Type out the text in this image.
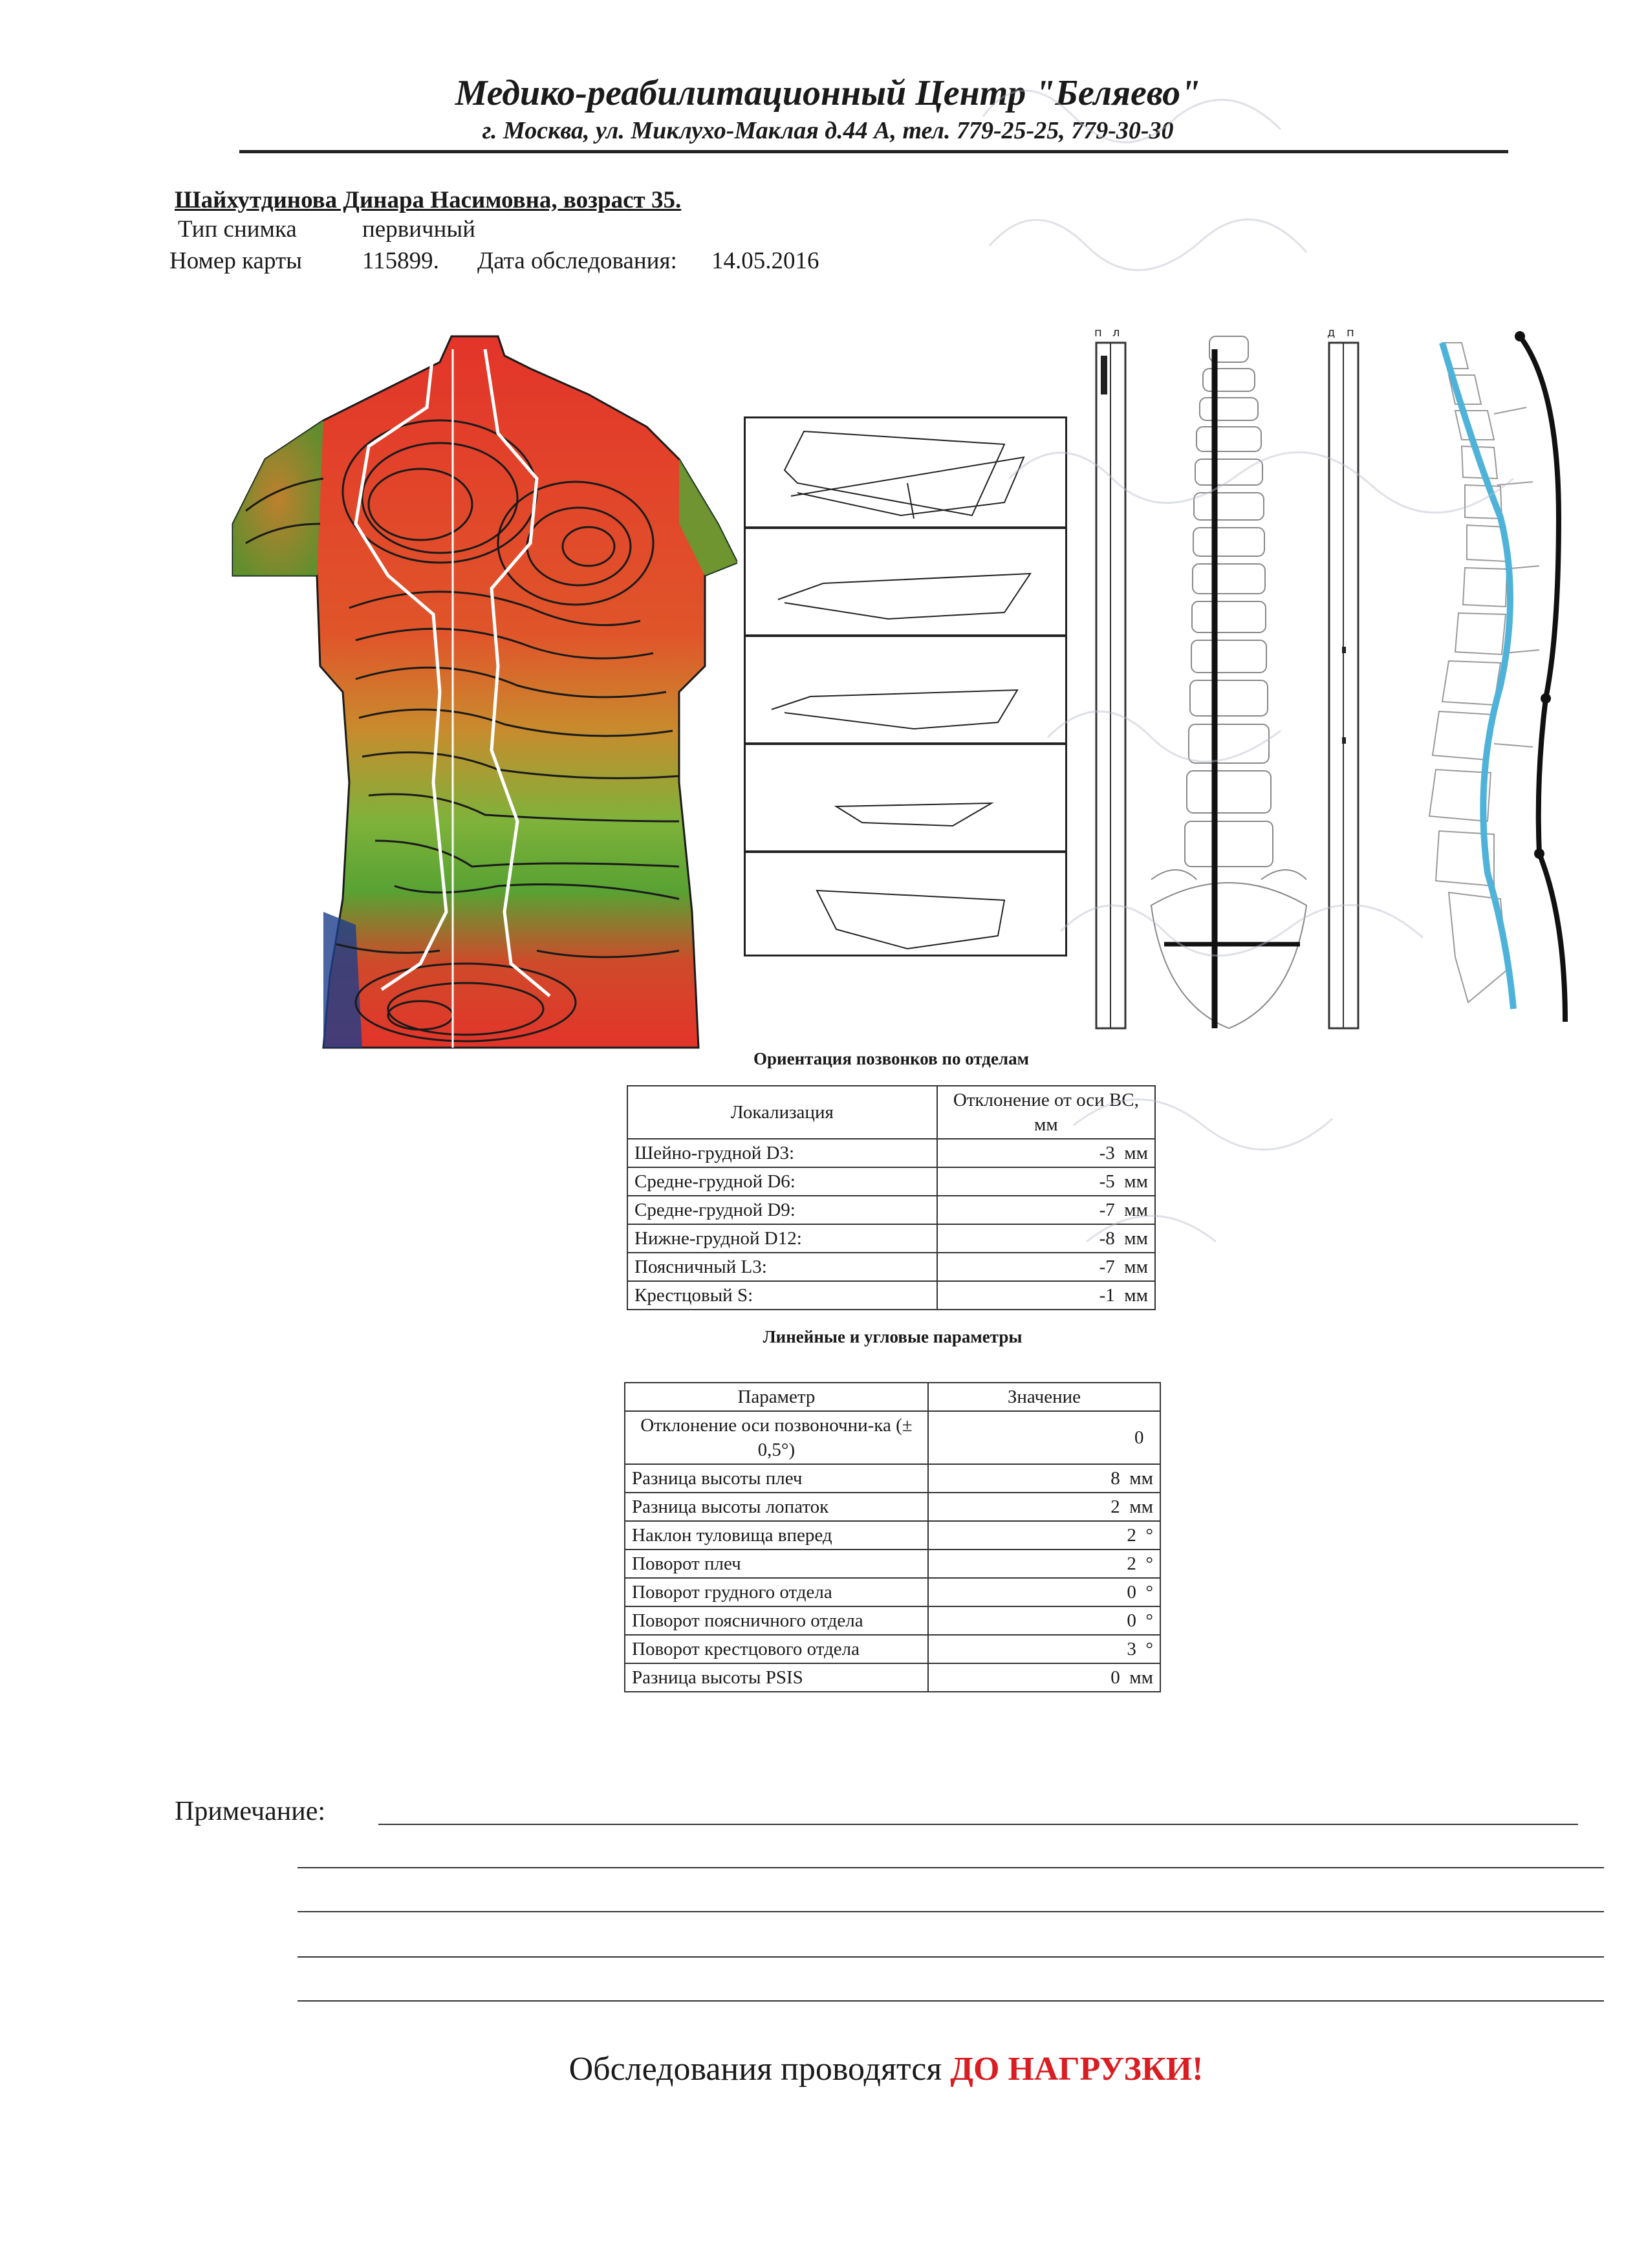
Медико-реабилитационный Центр "Беляево"
г. Москва, ул. Миклухо-Маклая д.44 А, тел. 779-25-25, 779-30-30
Шайхутдинова Динара Насимовна, возраст 35.
Тип снимка	первичный
Номер карты	115899. Дата обследования: 14.05.2016
п л	д п
Ориентация позвонков по отделам
Локализация	Отклонение от оси ВС, мм
Шейно-грудной D3:	-3 мм
Средне-грудной D6:	-5 мм
Средне-грудной D9:	-7 мм
Нижне-грудной D12:	-8 мм
Поясничный L3:	-7 мм
Крестцовый S:	-1 мм
Линейные и угловые параметры
Параметр	Значение
Отклонение оси позвоночни-ка (± 0,5°)	0
Разница высоты плеч	8 мм
Разница высоты лопаток	2 мм
Наклон туловища вперед	2 °
Поворот плеч	2 °
Поворот грудного отдела	0 °
Поворот поясничного отдела	0 °
Поворот крестцового отдела	3 °
Разница высоты PSIS	0 мм
Примечание:
Обследования проводятся ДО НАГРУЗКИ!
